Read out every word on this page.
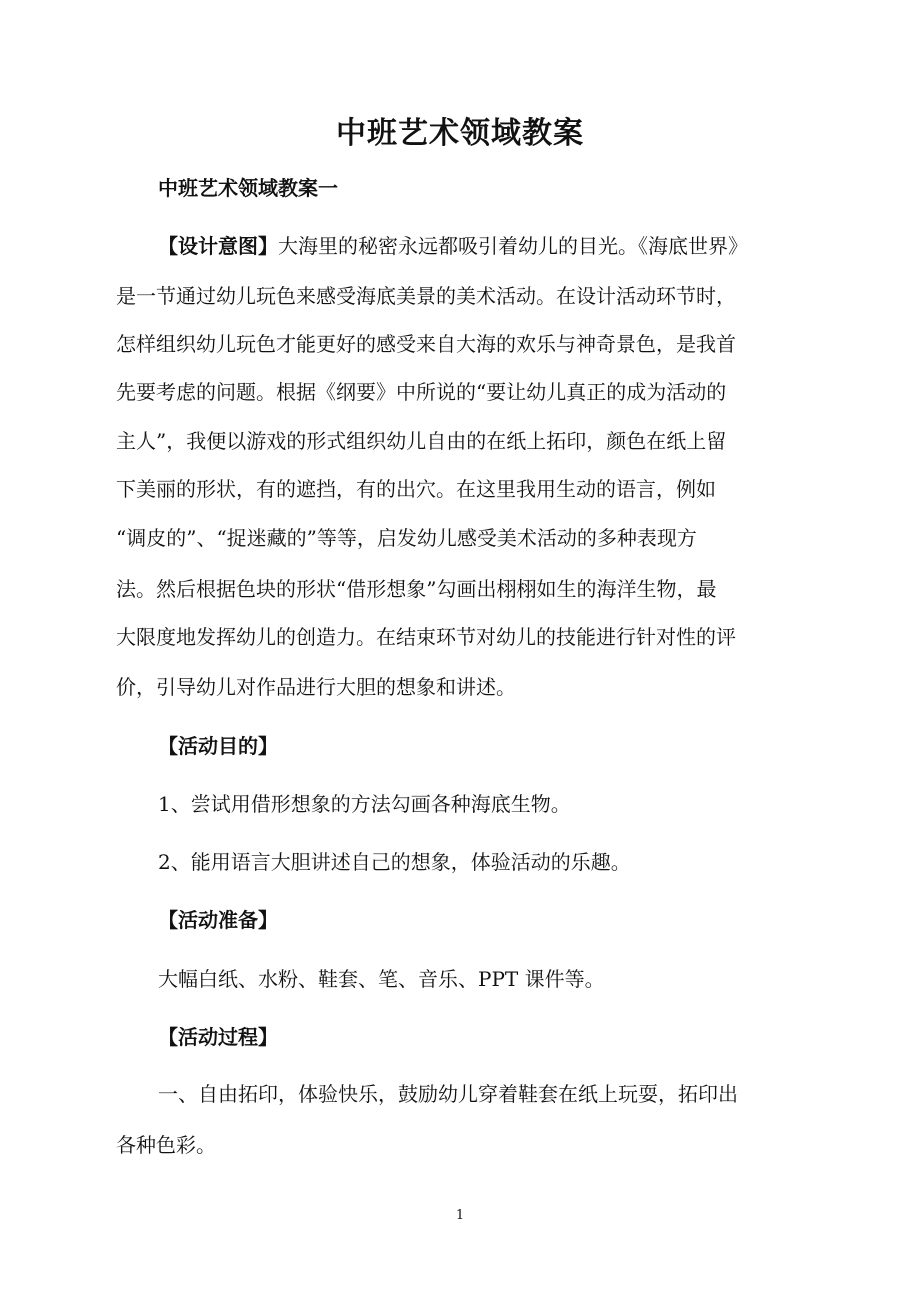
中班艺术领域教案

中班艺术领域教案一

【设计意图】大海里的秘密永远都吸引着幼儿的目光。《海底世界》

是一节通过幼儿玩色来感受海底美景的美术活动。在设计活动环节时，

怎样组织幼儿玩色才能更好的感受来自大海的欢乐与神奇景色，是我首

先要考虑的问题。根据《纲要》中所说的“要让幼儿真正的成为活动的

主人”，我便以游戏的形式组织幼儿自由的在纸上拓印，颜色在纸上留

下美丽的形状，有的遮挡，有的出穴。在这里我用生动的语言，例如

“调皮的”、“捉迷藏的”等等，启发幼儿感受美术活动的多种表现方

法。然后根据色块的形状“借形想象”勾画出栩栩如生的海洋生物，最

大限度地发挥幼儿的创造力。在结束环节对幼儿的技能进行针对性的评

价，引导幼儿对作品进行大胆的想象和讲述。

【活动目的】

1、尝试用借形想象的方法勾画各种海底生物。

2、能用语言大胆讲述自己的想象，体验活动的乐趣。

【活动准备】

大幅白纸、水粉、鞋套、笔、音乐、PPT 课件等。

【活动过程】

一、自由拓印，体验快乐，鼓励幼儿穿着鞋套在纸上玩耍，拓印出

各种色彩。

1
